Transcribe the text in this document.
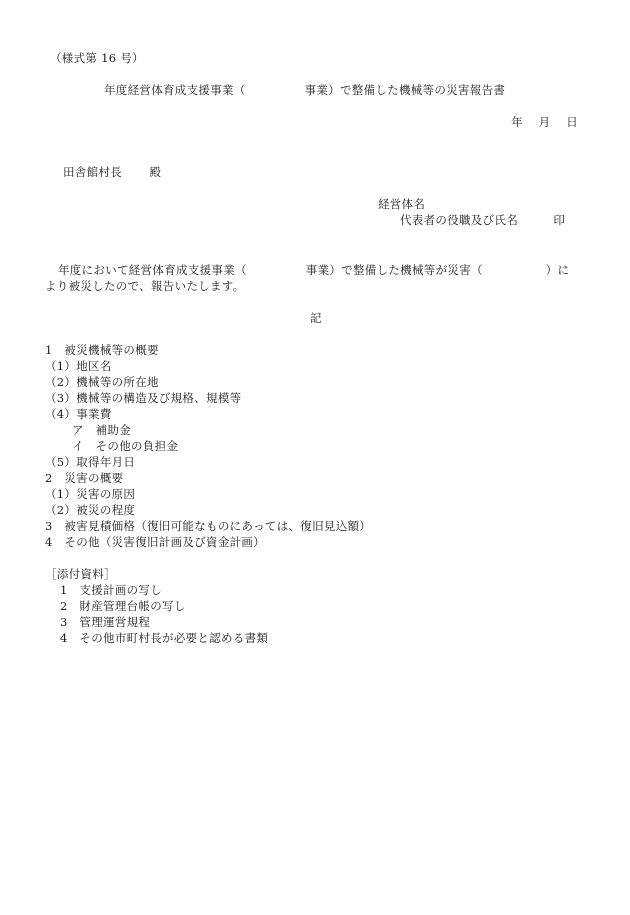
（様式第 16 号）
年度経営体育成支援事業（　　　　　事業）で整備した機械等の災害報告書
年　 月　 日
田舎館村長　　 殿
経営体名
代表者の役職及び氏名　　　印
年度において経営体育成支援事業（　　　　　事業）で整備した機械等が災害（　　　　　 ）に
より被災したので、報告いたします。
記
1　被災機械等の概要
（1）地区名
（2）機械等の所在地
（3）機械等の構造及び規格、規模等
（4）事業費
ア　補助金
イ　その他の負担金
（5）取得年月日
2　災害の概要
（1）災害の原因
（2）被災の程度
3　被害見積価格（復旧可能なものにあっては、復旧見込額）
4　その他（災害復旧計画及び資金計画）
［添付資料］
1　支援計画の写し
2　財産管理台帳の写し
3　管理運営規程
4　その他市町村長が必要と認める書類
